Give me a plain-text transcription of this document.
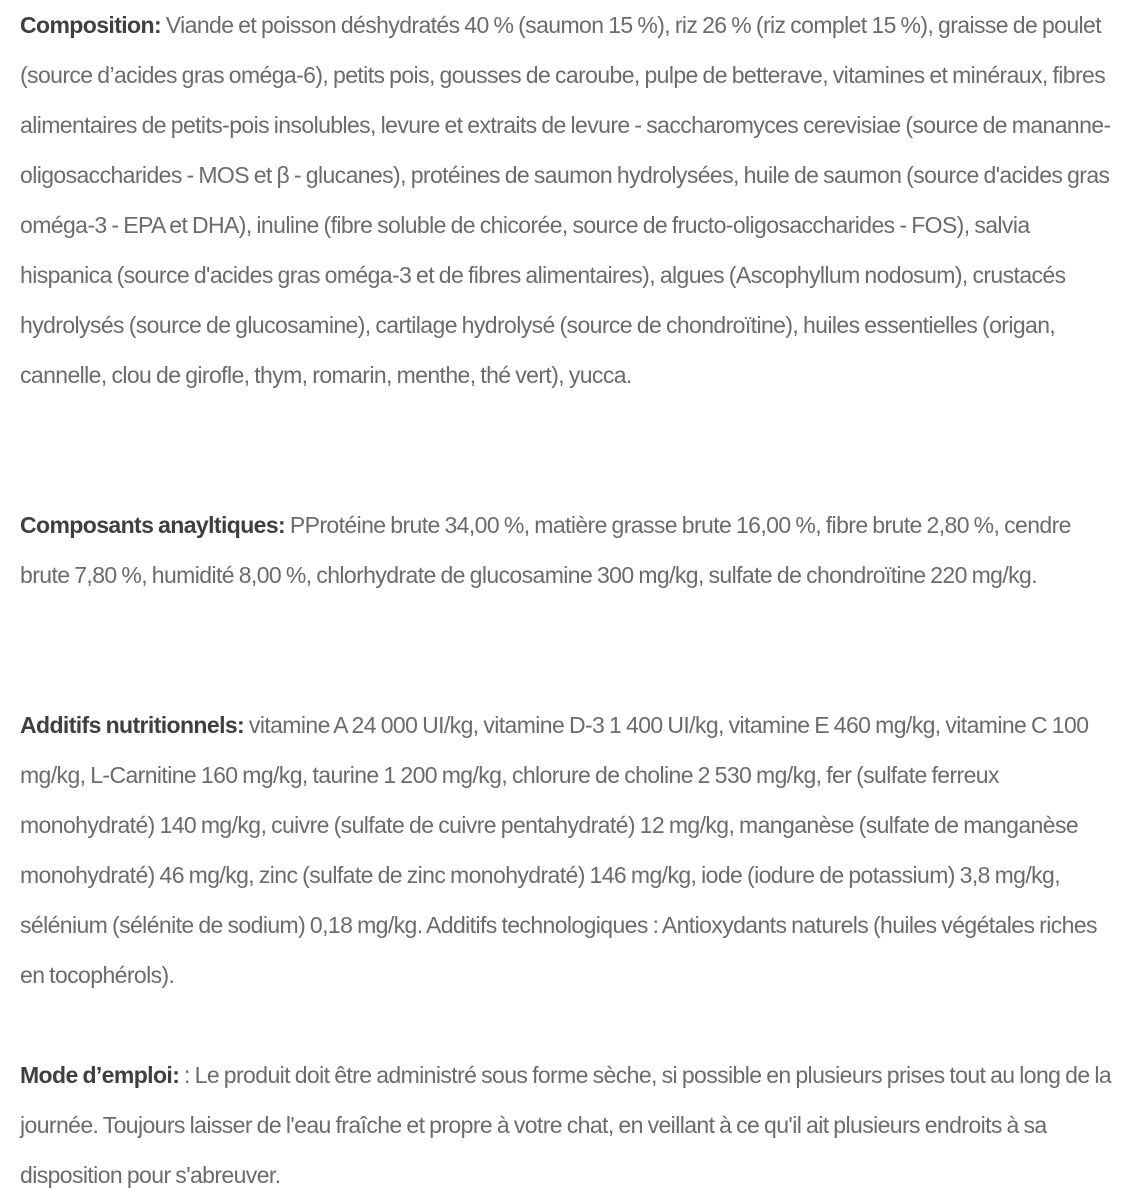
Composition: Viande et poisson déshydratés 40 % (saumon 15 %), riz 26 % (riz complet 15 %), graisse de poulet (source d’acides gras oméga-6), petits pois, gousses de caroube, pulpe de betterave, vitamines et minéraux, fibres alimentaires de petits-pois insolubles, levure et extraits de levure - saccharomyces cerevisiae (source de mananne- oligosaccharides - MOS et β - glucanes), protéines de saumon hydrolysées, huile de saumon (source d'acides gras oméga-3 - EPA et DHA), inuline (fibre soluble de chicorée, source de fructo-oligosaccharides - FOS), salvia hispanica (source d'acides gras oméga-3 et de fibres alimentaires), algues (Ascophyllum nodosum), crustacés hydrolysés (source de glucosamine), cartilage hydrolysé (source de chondroïtine), huiles essentielles (origan, cannelle, clou de girofle, thym, romarin, menthe, thé vert), yucca.

Composants anayltiques: PProtéine brute 34,00 %, matière grasse brute 16,00 %, fibre brute 2,80 %, cendre brute 7,80 %, humidité 8,00 %, chlorhydrate de glucosamine 300 mg/kg, sulfate de chondroïtine 220 mg/kg.

Additifs nutritionnels: vitamine A 24 000 UI/kg, vitamine D-3 1 400 UI/kg, vitamine E 460 mg/kg, vitamine C 100 mg/kg, L-Carnitine 160 mg/kg, taurine 1 200 mg/kg, chlorure de choline 2 530 mg/kg, fer (sulfate ferreux monohydraté) 140 mg/kg, cuivre (sulfate de cuivre pentahydraté) 12 mg/kg, manganèse (sulfate de manganèse monohydraté) 46 mg/kg, zinc (sulfate de zinc monohydraté) 146 mg/kg, iode (iodure de potassium) 3,8 mg/kg, sélénium (sélénite de sodium) 0,18 mg/kg. Additifs technologiques : Antioxydants naturels (huiles végétales riches en tocophérols).

Mode d’emploi: : Le produit doit être administré sous forme sèche, si possible en plusieurs prises tout au long de la journée. Toujours laisser de l'eau fraîche et propre à votre chat, en veillant à ce qu'il ait plusieurs endroits à sa disposition pour s'abreuver.
